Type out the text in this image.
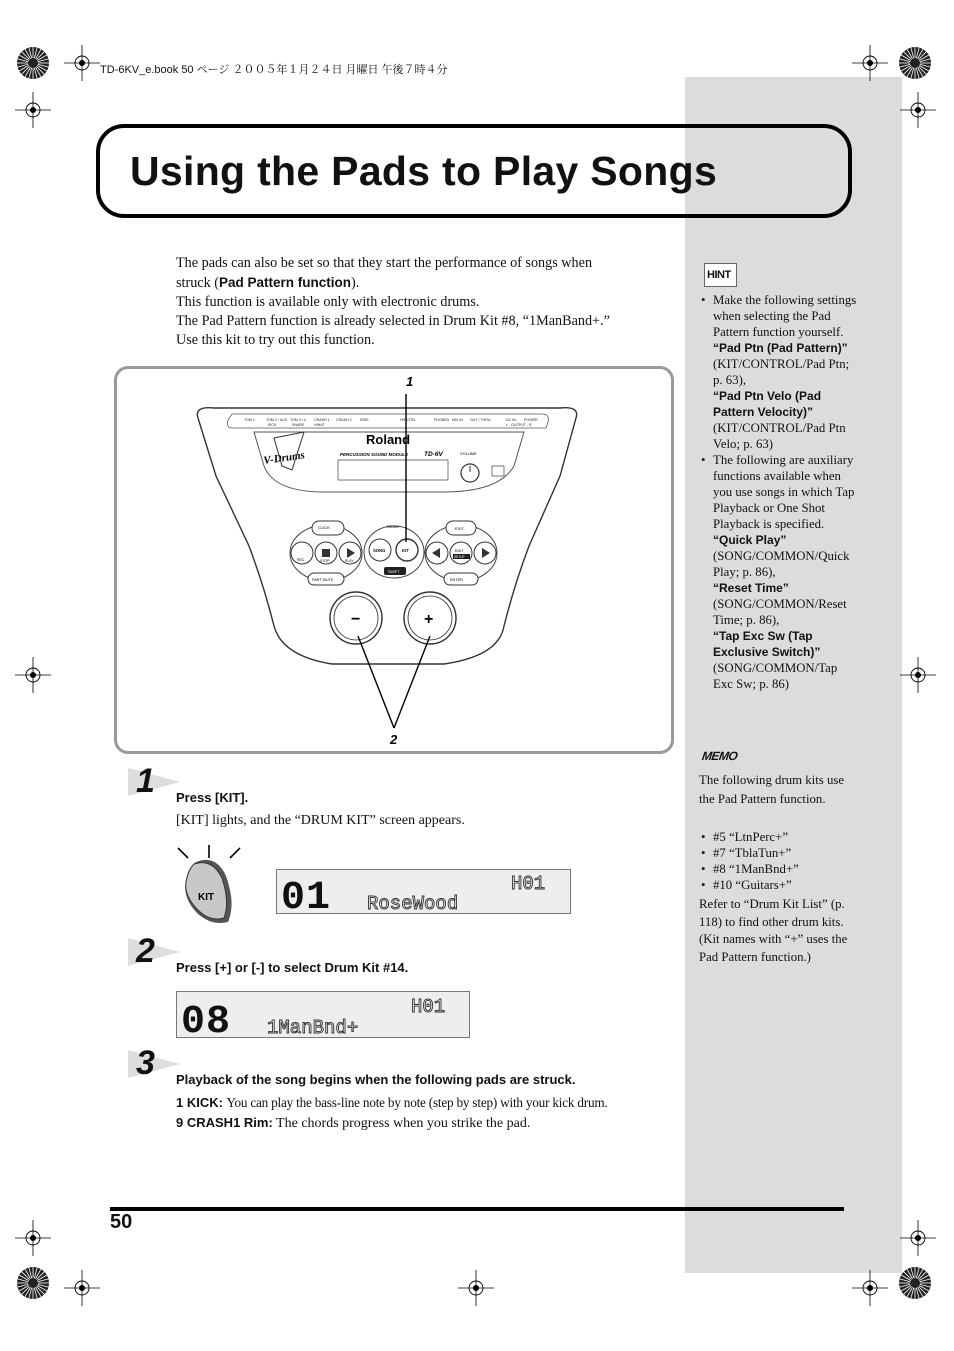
TD-6KV_e.book 50 ページ ２００５年１月２４日 月曜日 午後７時４分
Using the Pads to Play Songs
The pads can also be set so that they start the performance of songs when
struck (Pad Pattern function).
This function is available only with electronic drums.
The Pad Pattern function is already selected in Drum Kit #8, “1ManBand+.”
Use this kit to try out this function.
1
2
TOM 1	TOM 2 / AUX TOM 3 / 4 CRASH 1 CRASH 2 RIDE	HH CTRL	PHONES MIX IN OUT / THRU	DC IN POWER
KICK	SNARE	HIHAT	L - OUTPUT - R
Roland
PERCUSSION SOUND MODULE TD-6V
V-Drums	VOLUME
CLICK
REC	STOP	PLAY
PART MUTE
DEMO
SONG	KIT
SHIFT
EXIT
EDIT
SETUP
ENTER
−	+
1 Press [KIT].
[KIT] lights, and the “DRUM KIT” screen appears.
KIT 01	H01
RoseWood
2 Press [+] or [-] to select Drum Kit #14.
08	H01
1ManBnd+
3 Playback of the song begins when the following pads are struck.
1 KICK: You can play the bass-line note by note (step by step) with your kick drum.
9 CRASH1 Rim: The chords progress when you strike the pad.
HINT
• Make the following settings when selecting the Pad Pattern function yourself.
“Pad Ptn (Pad Pattern)” (KIT/CONTROL/Pad Ptn; p. 63),
“Pad Ptn Velo (Pad Pattern Velocity)” (KIT/CONTROL/Pad Ptn Velo; p. 63)
• The following are auxiliary functions available when you use songs in which Tap Playback or One Shot Playback is specified.
“Quick Play” (SONG/COMMON/Quick Play; p. 86),
“Reset Time” (SONG/COMMON/Reset Time; p. 86),
“Tap Exc Sw (Tap Exclusive Switch)” (SONG/COMMON/Tap Exc Sw; p. 86)
MEMO
The following drum kits use the Pad Pattern function.
• #5 “LtnPerc+”
• #7 “TblaTun+”
• #8 “1ManBnd+”
• #10 “Guitars+”
Refer to “Drum Kit List” (p. 118) to find other drum kits. (Kit names with “+” uses the Pad Pattern function.)
50
